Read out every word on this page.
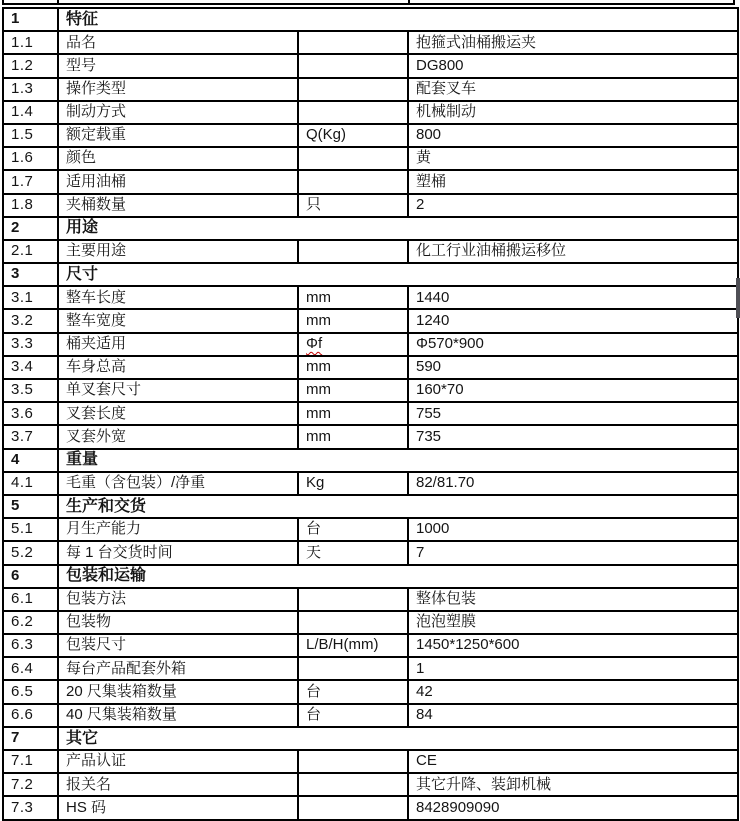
1	特征		
1.1	品名		抱箍式油桶搬运夹
1.2	型号		DG800
1.3	操作类型		配套叉车
1.4	制动方式		机械制动
1.5	额定载重	Q(Kg)	800
1.6	颜色		黄
1.7	适用油桶		塑桶
1.8	夹桶数量	只	2
2	用途		
2.1	主要用途		化工行业油桶搬运移位
3	尺寸		
3.1	整车长度	mm	1440
3.2	整车宽度	mm	1240
3.3	桶夹适用	Φf	Φ570*900
3.4	车身总高	mm	590
3.5	单叉套尺寸	mm	160*70
3.6	叉套长度	mm	755
3.7	叉套外宽	mm	735
4	重量		
4.1	毛重（含包装）/净重	Kg	82/81.70
5	生产和交货		
5.1	月生产能力	台	1000
5.2	每 1 台交货时间	天	7
6	包装和运输		
6.1	包装方法		整体包装
6.2	包装物		泡泡塑膜
6.3	包装尺寸	L/B/H(mm)	1450*1250*600
6.4	每台产品配套外箱		1
6.5	20 尺集装箱数量	台	42
6.6	40 尺集装箱数量	台	84
7	其它		
7.1	产品认证		CE
7.2	报关名		其它升降、装卸机械
7.3	HS 码		8428909090
